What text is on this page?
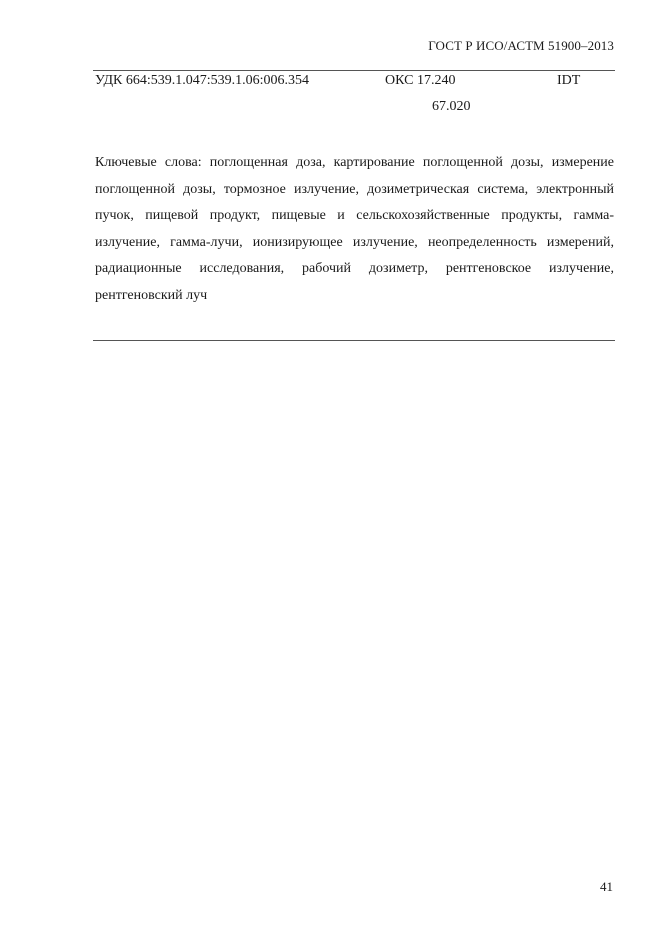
ГОСТ Р ИСО/АСТМ 51900–2013
УДК 664:539.1.047:539.1.06:006.354	ОКС 17.240
67.020
IDT
Ключевые слова: поглощенная доза, картирование поглощенной дозы, измерение поглощенной дозы, тормозное излучение, дозиметрическая система, электронный пучок, пищевой продукт, пищевые и сельскохозяйственные продукты, гамма-излучение, гамма-лучи, ионизирующее излучение, неопределенность измерений, радиационные исследования, рабочий дозиметр, рентгеновское излучение, рентгеновский луч
41
